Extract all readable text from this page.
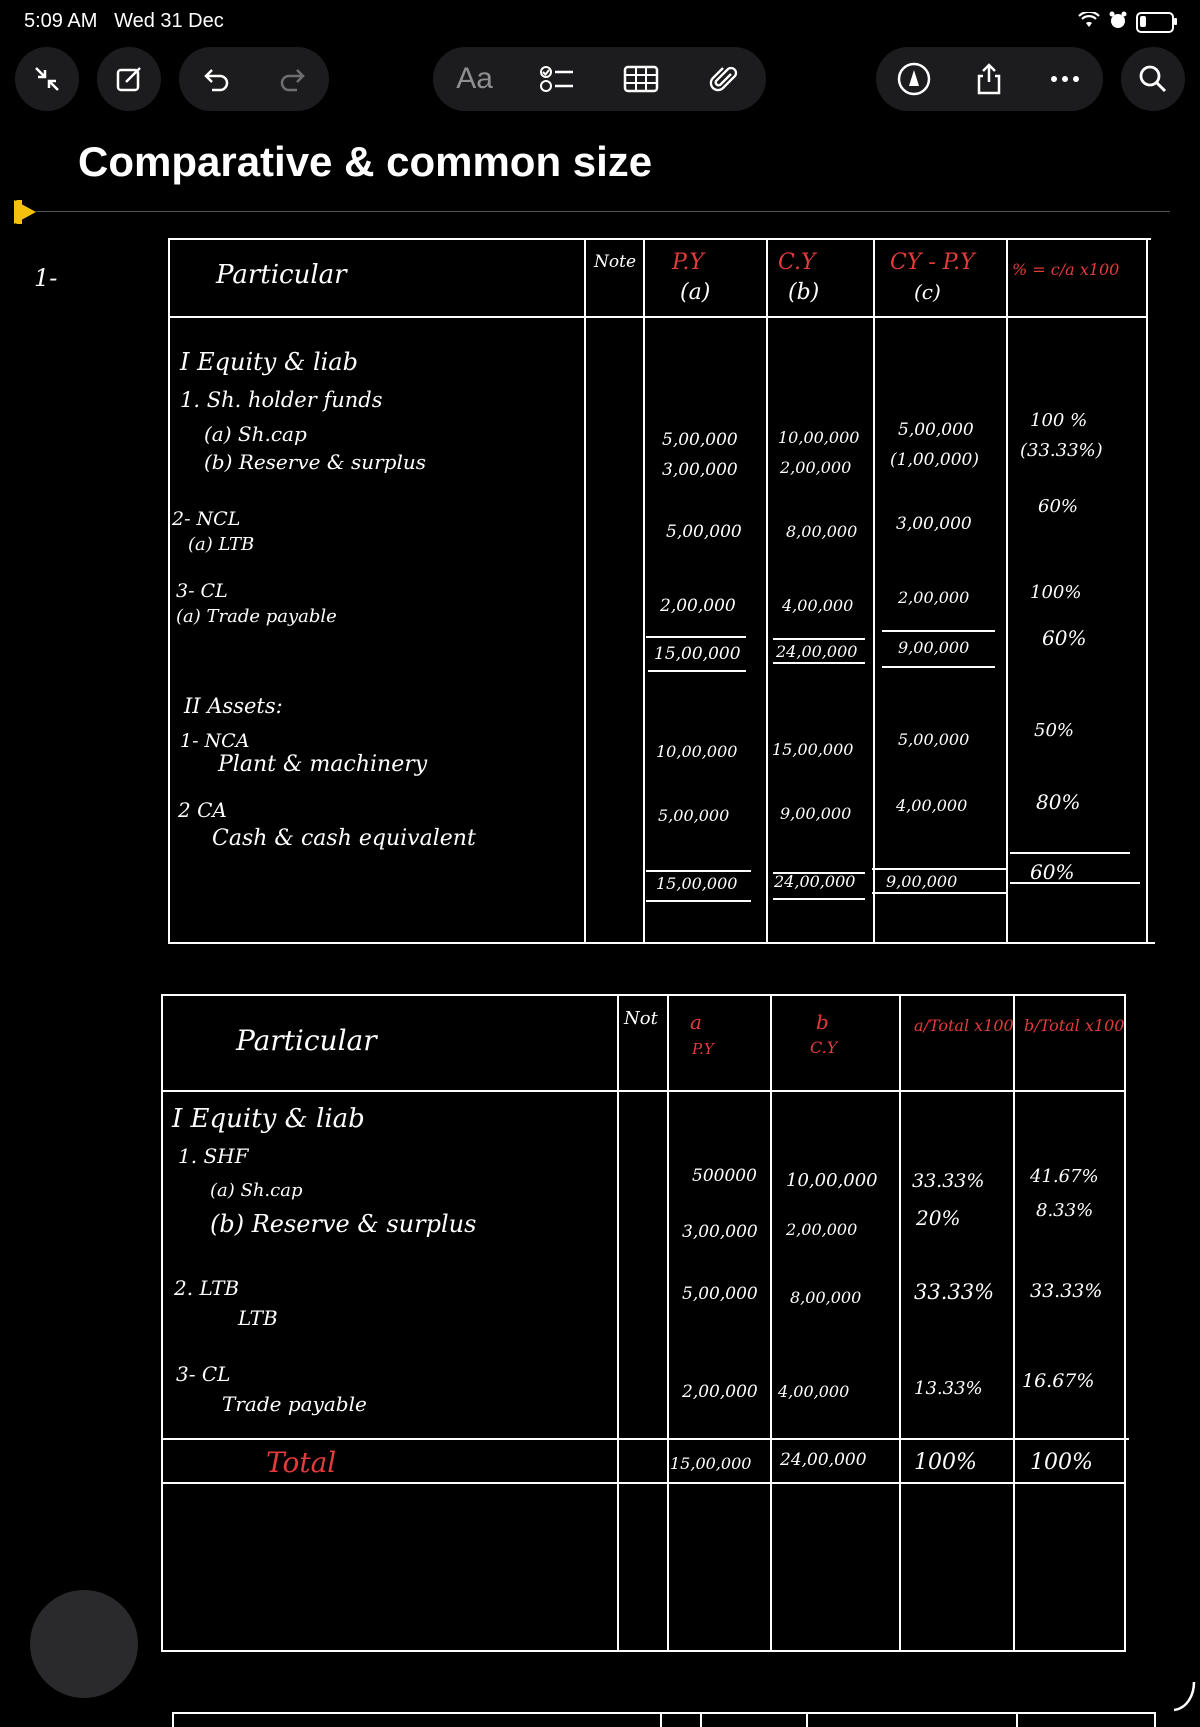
5:09 AM Wed 31 Dec
Aa
Comparative & common size
1-	Particular	Note P.Y
(a)
C.Y
(b)
CY - P.Y
(c)
% = c/a x100
I Equity & liab
1. Sh. holder funds
(a) Sh.cap
(b) Reserve & surplus
2- NCL
(a) LTB
3- CL
(a) Trade payable
II Assets:
1- NCA
Plant & machinery
2 CA
Cash & cash equivalent
5,00,000
3,00,000
5,00,000
2,00,000
15,00,000
10,00,000
5,00,000
15,00,000
10,00,000
2,00,000
8,00,000
4,00,000
24,00,000
15,00,000
9,00,000
24,00,000
5,00,000
(1,00,000)
3,00,000
2,00,000
9,00,000
5,00,000
4,00,000
9,00,000
100 %
(33.33%)
60%
100%
60%
50%
80%
60%
Particular
Not a
P.Y
b
C.Y
a/Total x100 b/Total x100
I Equity & liab
1. SHF
(a) Sh.cap
(b) Reserve & surplus
2. LTB
LTB
3- CL
Trade payable
Total
500000
3,00,000
5,00,000
2,00,000
15,00,000
10,00,000
2,00,000
8,00,000
4,00,000
24,00,000
33.33%
20%
33.33%
13.33%
100%
41.67%
8.33%
33.33%
16.67%
100%
